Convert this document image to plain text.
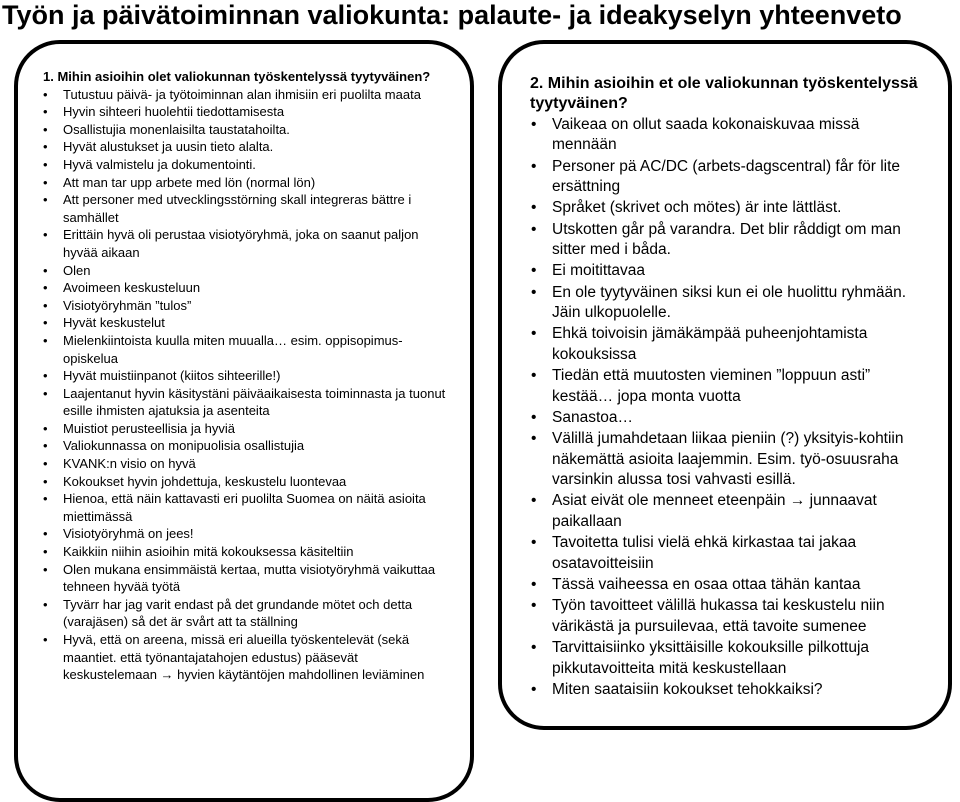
Työn ja päivätoiminnan valiokunta: palaute- ja ideakyselyn yhteenveto
1. Mihin asioihin olet valiokunnan työskentelyssä tyytyväinen?
• Tutustuu päivä- ja työtoiminnan alan ihmisiin eri puolilta maata
• Hyvin sihteeri huolehtii tiedottamisesta
• Osallistujia monenlaisilta taustatahoilta.
• Hyvät alustukset ja uusin tieto alalta.
• Hyvä valmistelu ja dokumentointi.
• Att man tar upp arbete med lön (normal lön)
• Att personer med utvecklingsstörning skall integreras bättre i samhället
• Erittäin hyvä oli perustaa visiotyöryhmä, joka on saanut paljon hyvää aikaan
• Olen
• Avoimeen keskusteluun
• Visiotyöryhmän ”tulos”
• Hyvät keskustelut
• Mielenkiintoista kuulla miten muualla… esim. oppisopimus-opiskelua
• Hyvät muistiinpanot (kiitos sihteerille!)
• Laajentanut hyvin käsitystäni päiväaikaisesta toiminnasta ja tuonut esille ihmisten ajatuksia ja asenteita
• Muistiot perusteellisia ja hyviä
• Valiokunnassa on monipuolisia osallistujia
• KVANK:n visio on hyvä
• Kokoukset hyvin johdettuja, keskustelu luontevaa
• Hienoa, että näin kattavasti eri puolilta Suomea on näitä asioita miettimässä
• Visiotyöryhmä on jees!
• Kaikkiin niihin asioihin mitä kokouksessa käsiteltiin
• Olen mukana ensimmäistä kertaa, mutta visiotyöryhmä vaikuttaa tehneen hyvää työtä
• Tyvärr har jag varit endast på det grundande mötet och detta (varajäsen) så det är svårt att ta ställning
• Hyvä, että on areena, missä eri alueilla työskentelevät (sekä maantiet. että työnantajatahojen edustus) pääsevät keskustelemaan → hyvien käytäntöjen mahdollinen leviäminen
2. Mihin asioihin et ole valiokunnan työskentelyssä tyytyväinen?
• Vaikeaa on ollut saada kokonaiskuvaa missä mennään
• Personer pä AC/DC (arbets-dagscentral) får för lite ersättning
• Språket (skrivet och mötes) är inte lättläst.
• Utskotten går på varandra. Det blir råddigt om man sitter med i båda.
• Ei moitittavaa
• En ole tyytyväinen siksi kun ei ole huolittu ryhmään. Jäin ulkopuolelle.
• Ehkä toivoisin jämäkämpää puheenjohtamista kokouksissa
• Tiedän että muutosten vieminen ”loppuun asti” kestää… jopa monta vuotta
• Sanastoa…
• Välillä jumahdetaan liikaa pieniin (?) yksityis-kohtiin näkemättä asioita laajemmin. Esim. työ-osuusraha varsinkin alussa tosi vahvasti esillä.
• Asiat eivät ole menneet eteenpäin → junnaavat paikallaan
• Tavoitetta tulisi vielä ehkä kirkastaa tai jakaa osatavoitteisiin
• Tässä vaiheessa en osaa ottaa tähän kantaa
• Työn tavoitteet välillä hukassa tai keskustelu niin värikästä ja pursuilevaa, että tavoite sumenee
• Tarvittaisiinko yksittäisille kokouksille pilkottuja pikkutavoitteita mitä keskustellaan
• Miten saataisiin kokoukset tehokkaiksi?
